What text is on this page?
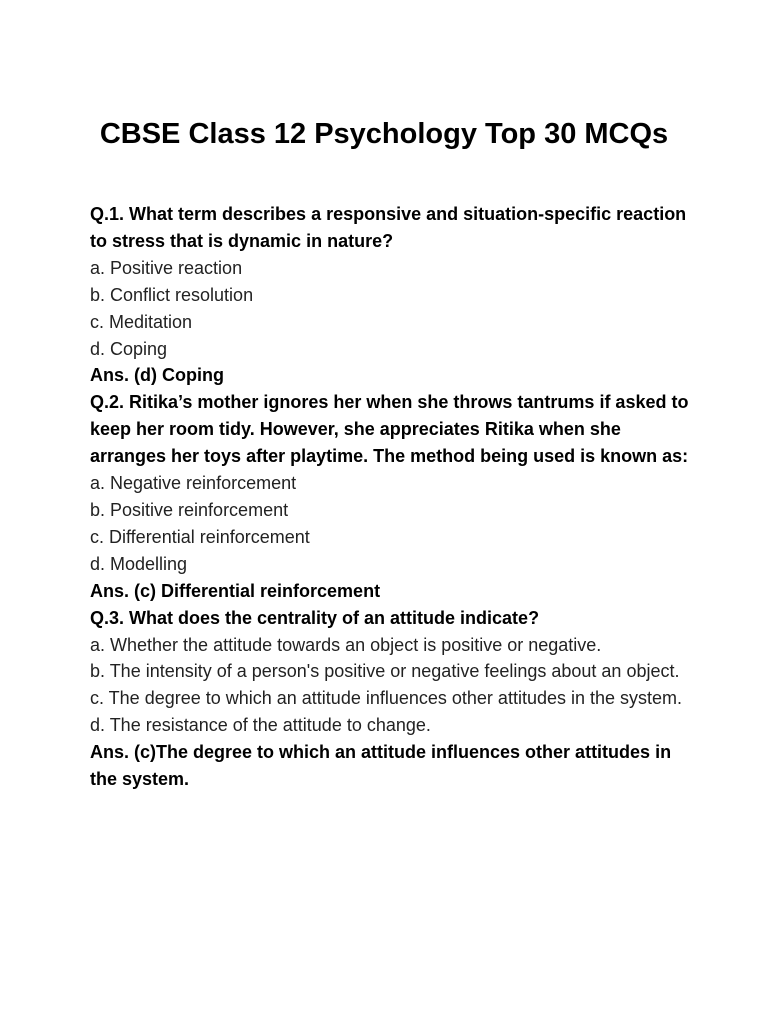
CBSE Class 12 Psychology Top 30 MCQs

Q.1. What term describes a responsive and situation-specific reaction to stress that is dynamic in nature?

a. Positive reaction

b. Conflict resolution

c. Meditation

d. Coping

Ans. (d) Coping

Q.2. Ritika’s mother ignores her when she throws tantrums if asked to keep her room tidy. However, she appreciates Ritika when she arranges her toys after playtime. The method being used is known as:

a. Negative reinforcement

b. Positive reinforcement

c. Differential reinforcement

d. Modelling

Ans. (c) Differential reinforcement

Q.3. What does the centrality of an attitude indicate?

a. Whether the attitude towards an object is positive or negative.

b. The intensity of a person's positive or negative feelings about an object.

c. The degree to which an attitude influences other attitudes in the system.

d. The resistance of the attitude to change.

Ans. (c)The degree to which an attitude influences other attitudes in the system.
